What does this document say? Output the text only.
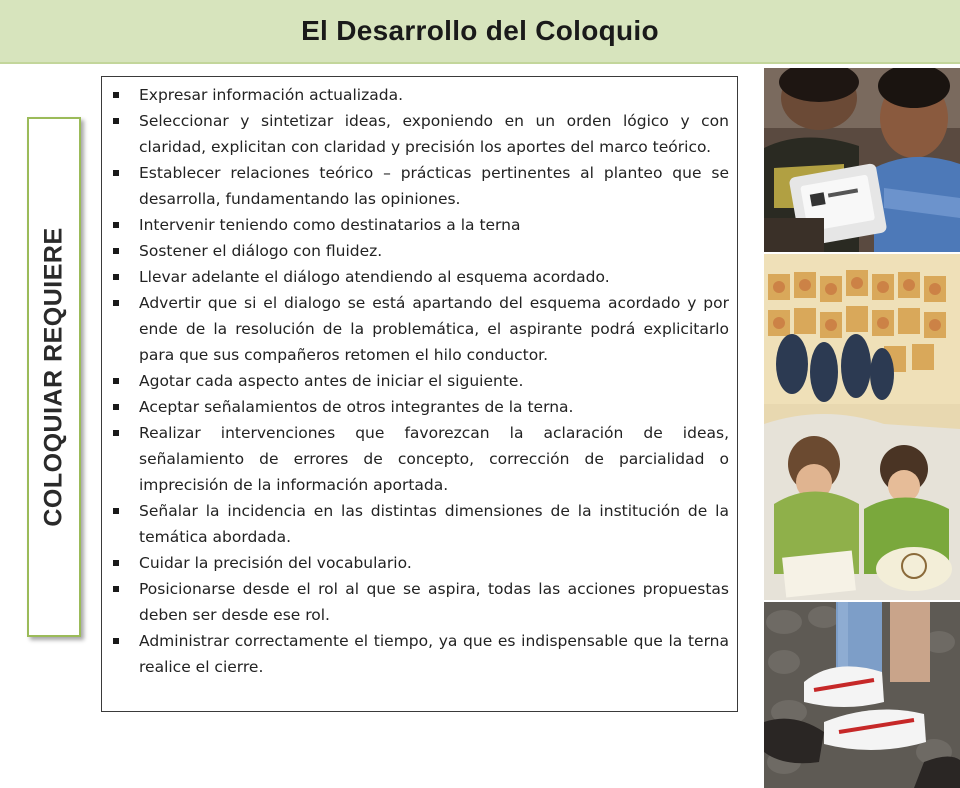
El Desarrollo del Coloquio
COLOQUIAR REQUIERE
Expresar información actualizada.
Seleccionar y sintetizar ideas, exponiendo en un orden lógico y con claridad, explicitan con claridad y precisión los aportes del marco teórico.
Establecer relaciones teórico – prácticas pertinentes al planteo que se desarrolla, fundamentando las opiniones.
Intervenir teniendo como destinatarios a la terna
Sostener el diálogo con fluidez.
Llevar adelante el diálogo atendiendo al esquema acordado.
Advertir que si el dialogo se está apartando del esquema acordado y por ende de la resolución de la problemática, el aspirante podrá explicitarlo para que sus compañeros retomen el hilo conductor.
Agotar cada aspecto antes de iniciar el siguiente.
Aceptar señalamientos de otros integrantes de la terna.
Realizar intervenciones que favorezcan la aclaración de ideas, señalamiento de errores de concepto, corrección de parcialidad o imprecisión de la información aportada.
Señalar la incidencia en las distintas dimensiones de la institución de la temática abordada.
Cuidar la precisión del vocabulario.
Posicionarse desde el rol al que se aspira, todas las acciones propuestas deben ser desde ese rol.
Administrar correctamente el tiempo, ya que es indispensable que la terna realice el cierre.
